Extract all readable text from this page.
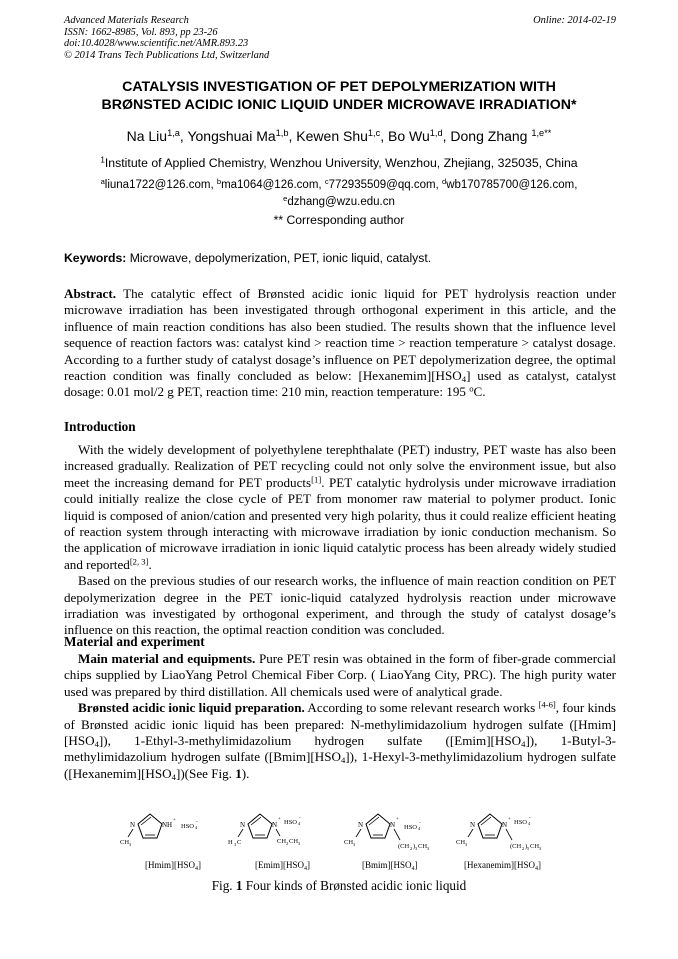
Advanced Materials Research
ISSN: 1662-8985, Vol. 893, pp 23-26
doi:10.4028/www.scientific.net/AMR.893.23
© 2014 Trans Tech Publications Ltd, Switzerland
Online: 2014-02-19
CATALYSIS INVESTIGATION OF PET DEPOLYMERIZATION WITH
BRØNSTED ACIDIC IONIC LIQUID UNDER MICROWAVE IRRADIATION*
Na Liu$^{1,a}$, Yongshuai Ma$^{1,b}$, Kewen Shu$^{1,c}$, Bo Wu$^{1,d}$, Dong Zhang $^{1,e**}$
$^1$Institute of Applied Chemistry, Wenzhou University, Wenzhou, Zhejiang, 325035, China
$^a$liuna1722@126.com, $^b$ma1064@126.com, $^c$772935509@qq.com, $^d$wb170785700@126.com,
$^e$dzhang@wzu.edu.cn
** Corresponding author
Keywords: Microwave, depolymerization, PET, ionic liquid, catalyst.

Abstract. The catalytic effect of Brønsted acidic ionic liquid for PET hydrolysis reaction under microwave irradiation has been investigated through orthogonal experiment in this article, and the influence of main reaction conditions has also been studied. The results shown that the influence level sequence of reaction factors was: catalyst kind > reaction time > reaction temperature > catalyst dosage. According to a further study of catalyst dosage’s influence on PET depolymerization degree, the optimal reaction condition was finally concluded as below: $[Hexanemim][HSO_4]$ used as catalyst, catalyst dosage: 0.01 mol/2 g PET, reaction time: 210 min, reaction temperature: 195 $^o$C.

Introduction

With the widely development of polyethylene terephthalate (PET) industry, PET waste has also been increased gradually. Realization of PET recycling could not only solve the environment issue, but also meet the increasing demand for PET products[1]. PET catalytic hydrolysis under microwave irradiation could initially realize the close cycle of PET from monomer raw material to polymer product. Ionic liquid is composed of anion/cation and presented very high polarity, thus it could realize efficient heating of reaction system through interacting with microwave irradiation by ionic conduction mechanism. So the application of microwave irradiation in ionic liquid catalytic process has been already widely studied and reported[2, 3].

Based on the previous studies of our research works, the influence of main reaction condition on PET depolymerization degree in the PET ionic-liquid catalyzed hydrolysis reaction under microwave irradiation was investigated by orthogonal experiment, and through the study of catalyst dosage’s influence on this reaction, the optimal reaction condition was concluded.

Material and experiment

Main material and equipments. Pure PET resin was obtained in the form of fiber-grade commercial chips supplied by LiaoYang Petrol Chemical Fiber Corp. ( LiaoYang City, PRC). The high purity water used was prepared by third distillation. All chemicals used were of analytical grade.

Brønsted acidic ionic liquid preparation. According to some relevant research works [4-6], four kinds of Brønsted acidic ionic liquid has been prepared: N-methylimidazolium hydrogen sulfate $([Hmim][HSO_4])$, 1-Ethyl-3-methylimidazolium hydrogen sulfate $([Emim][HSO_4])$, 1-Butyl-3-methylimidazolium hydrogen sulfate $([Bmim][HSO_4])$, 1-Hexyl-3-methylimidazolium hydrogen sulfate $([Hexanemim][HSO_4])(See$ Fig. 1).

N	NH
+
HSO 4
-
CH 3
$[Hmim][HSO_4]$
N	N
+ HSO 4
-
H 3 C	CH 2 CH 3
$[Emim][HSO_4]$
N	N
+
HSO 4
-
CH 3	(CH 2 ) 3 CH 3
$[Bmim][HSO_4]$
N	N
+ HSO 4
-
CH 3	(CH 2 ) 5 CH 3
$[Hexanemim][HSO_4]$
Fig. 1 Four kinds of Brønsted acidic ionic liquid
